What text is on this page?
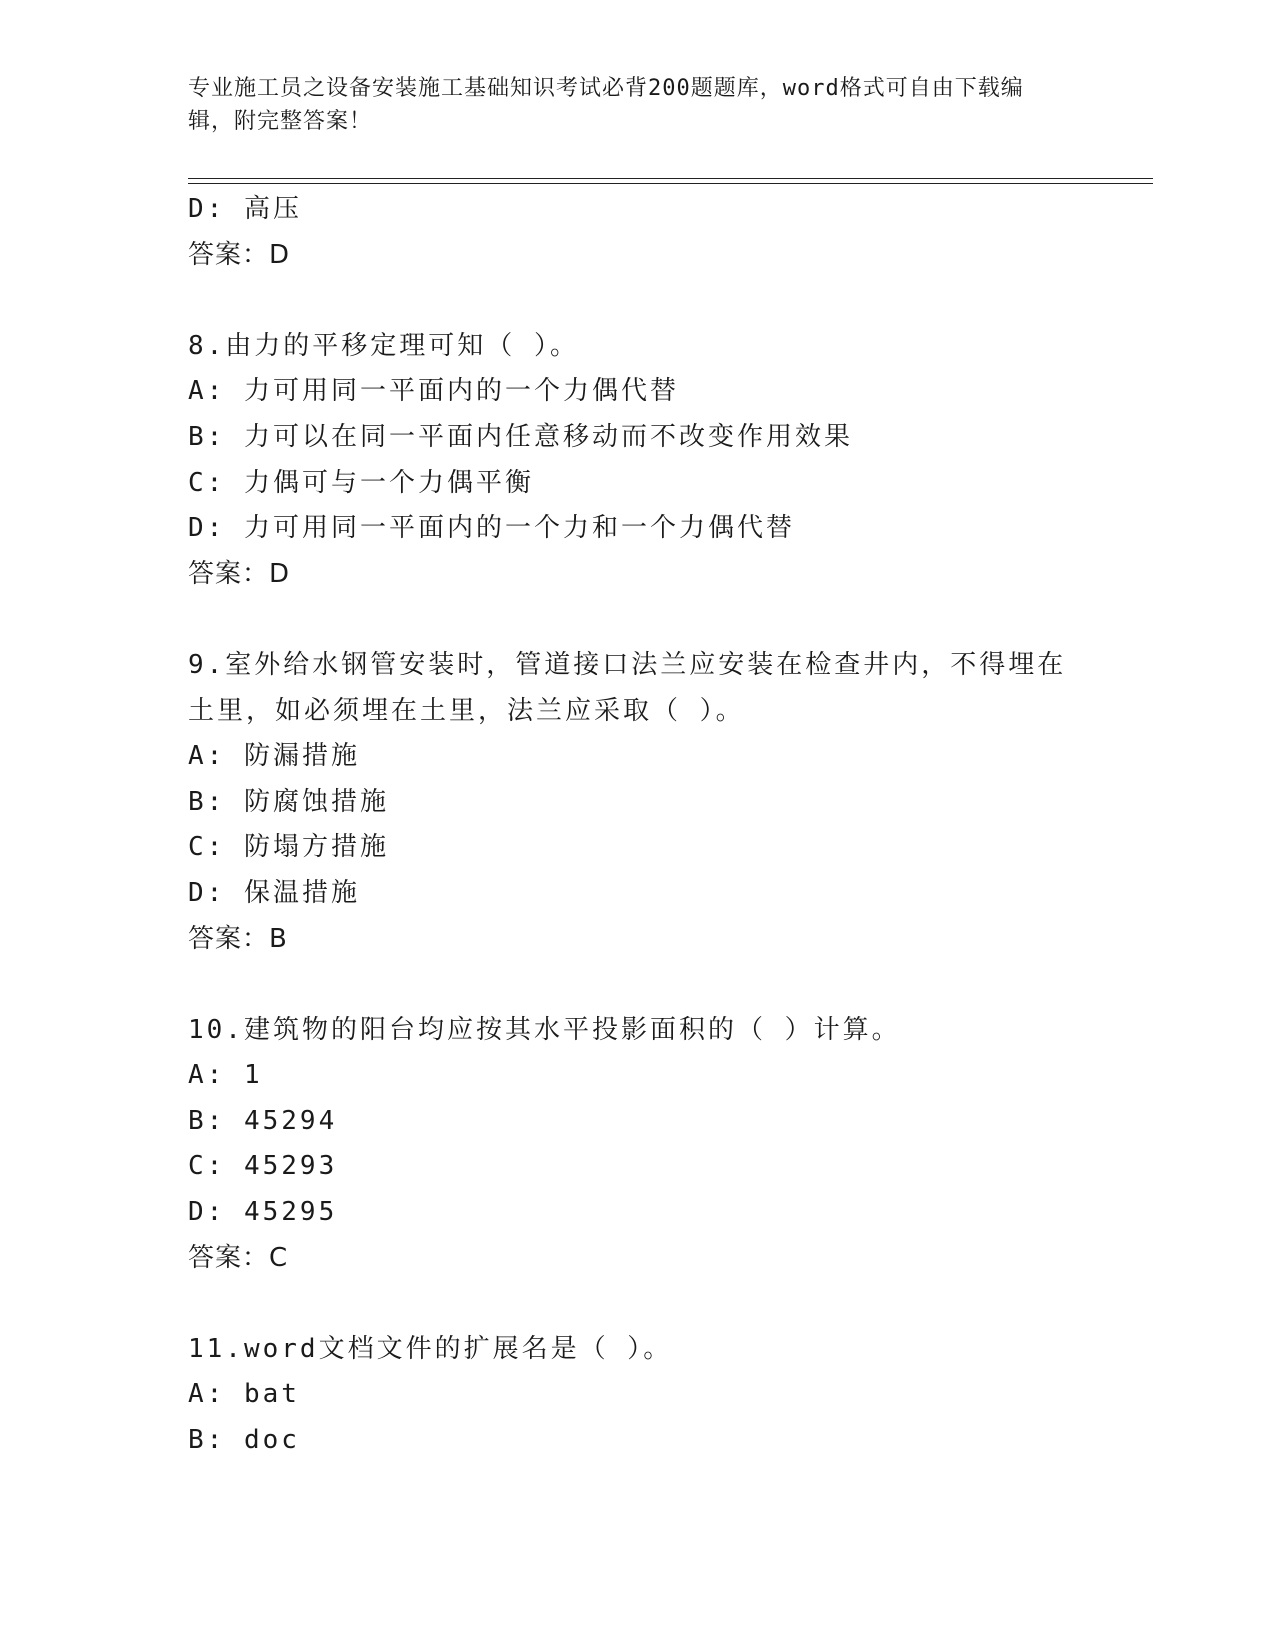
专业施工员之设备安装施工基础知识考试必背200题题库，word格式可自由下载编辑，附完整答案！
D: 高压
答案：D
8.由力的平移定理可知（ ）。
A: 力可用同一平面内的一个力偶代替
B: 力可以在同一平面内任意移动而不改变作用效果
C: 力偶可与一个力偶平衡
D: 力可用同一平面内的一个力和一个力偶代替
答案：D
9.室外给水钢管安装时，管道接口法兰应安装在检查井内，不得埋在土里，如必须埋在土里，法兰应采取（ ）。
A: 防漏措施
B: 防腐蚀措施
C: 防塌方措施
D: 保温措施
答案：B
10.建筑物的阳台均应按其水平投影面积的（ ）计算。
A: 1
B: 45294
C: 45293
D: 45295
答案：C
11.word文档文件的扩展名是（ ）。
A: bat
B: doc
